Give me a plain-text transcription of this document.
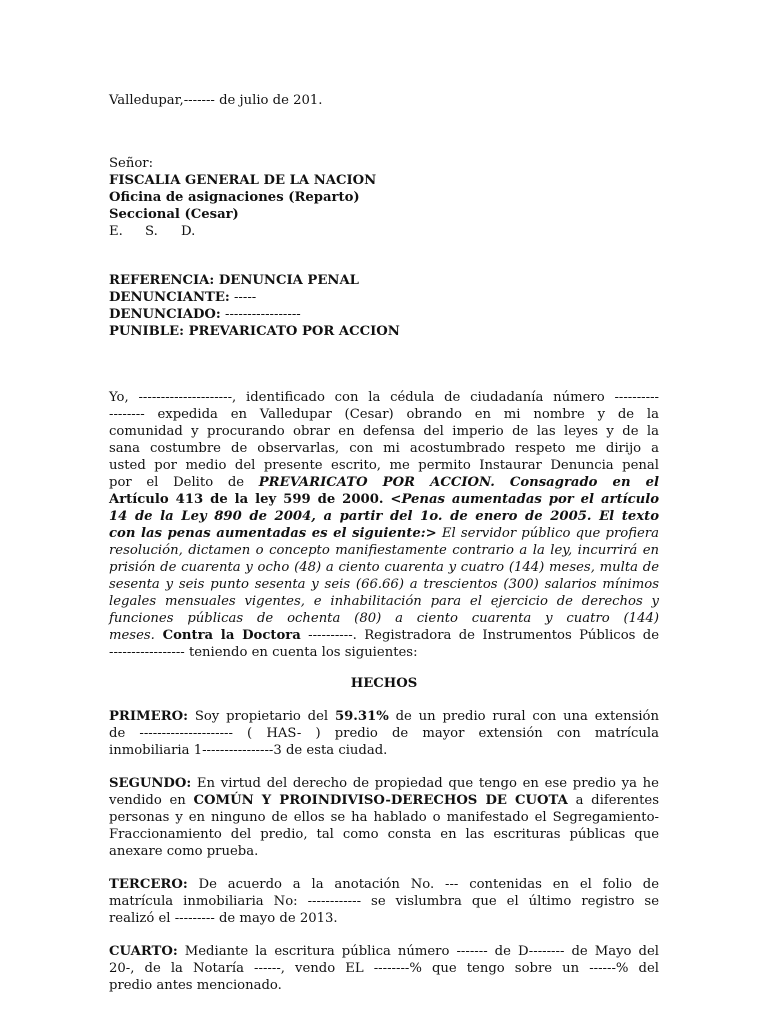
Valledupar,------- de julio de 201.
Señor:
FISCALIA GENERAL DE LA NACION
Oficina de asignaciones (Reparto)
Seccional (Cesar)
E. S. D.
REFERENCIA: DENUNCIA PENAL
DENUNCIANTE: -----
DENUNCIADO: -----------------
PUNIBLE: PREVARICATO POR ACCION
Yo, ---------------------, identificado con la cédula de ciudadanía número ----------
-------- expedida en Valledupar (Cesar) obrando en mi nombre y de la
comunidad y procurando obrar en defensa del imperio de las leyes y de la
sana costumbre de observarlas, con mi acostumbrado respeto me dirijo a
usted por medio del presente escrito, me permito Instaurar Denuncia penal
por el Delito de PREVARICATO POR ACCION. Consagrado en el
Artículo 413 de la ley 599 de 2000. <Penas aumentadas por el artículo
14 de la Ley 890 de 2004, a partir del 1o. de enero de 2005. El texto
con las penas aumentadas es el siguiente:> El servidor público que profiera
resolución, dictamen o concepto manifiestamente contrario a la ley, incurrirá en
prisión de cuarenta y ocho (48) a ciento cuarenta y cuatro (144) meses, multa de
sesenta y seis punto sesenta y seis (66.66) a trescientos (300) salarios mínimos
legales mensuales vigentes, e inhabilitación para el ejercicio de derechos y
funciones públicas de ochenta (80) a ciento cuarenta y cuatro (144)
meses. Contra la Doctora ----------. Registradora de Instrumentos Públicos de
----------------- teniendo en cuenta los siguientes:
HECHOS
PRIMERO: Soy propietario del 59.31% de un predio rural con una extensión
de --------------------- ( HAS- ) predio de mayor extensión con matrícula
inmobiliaria 1----------------3 de esta ciudad.
SEGUNDO: En virtud del derecho de propiedad que tengo en ese predio ya he
vendido en COMÚN Y PROINDIVISO-DERECHOS DE CUOTA a diferentes
personas y en ninguno de ellos se ha hablado o manifestado el Segregamiento-
Fraccionamiento del predio, tal como consta en las escrituras públicas que
anexare como prueba.
TERCERO: De acuerdo a la anotación No. --- contenidas en el folio de
matrícula inmobiliaria No: ------------ se vislumbra que el último registro se
realizó el --------- de mayo de 2013.
CUARTO: Mediante la escritura pública número ------- de D-------- de Mayo del
20-, de la Notaría ------, vendo EL --------% que tengo sobre un ------% del
predio antes mencionado.
